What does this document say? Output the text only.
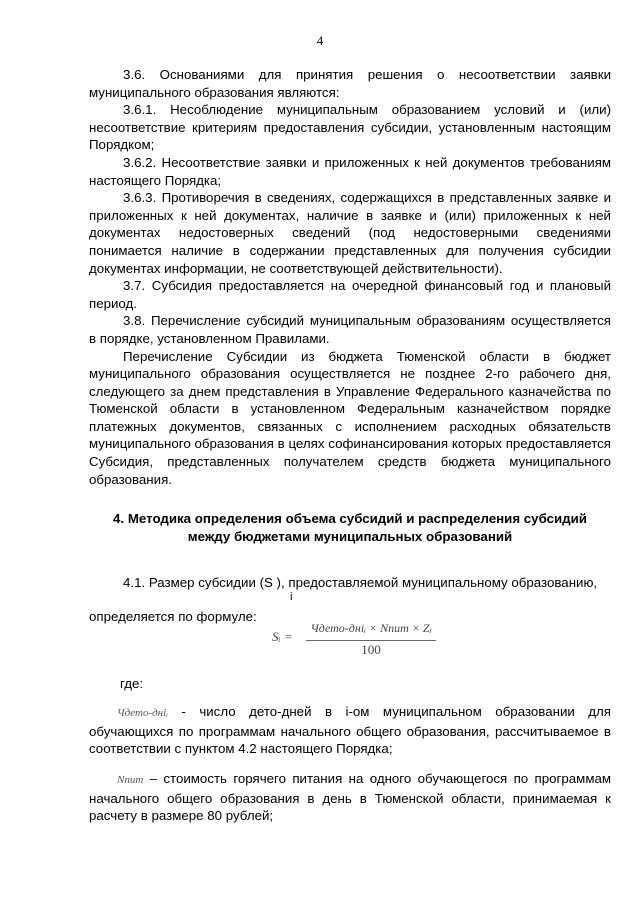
4

3.6. Основаниями для принятия решения о несоответствии заявки муниципального образования являются:

3.6.1. Несоблюдение муниципальным образованием условий и (или) несоответствие критериям предоставления субсидии, установленным настоящим Порядком;

3.6.2. Несоответствие заявки и приложенных к ней документов требованиям настоящего Порядка;

3.6.3. Противоречия в сведениях, содержащихся в представленных заявке и приложенных к ней документах, наличие в заявке и (или) приложенных к ней документах недостоверных сведений (под недостоверными сведениями понимается наличие в содержании представленных для получения субсидии документах информации, не соответствующей действительности).

3.7. Субсидия предоставляется на очередной финансовый год и плановый период.

3.8. Перечисление субсидий муниципальным образованиям осуществляется в порядке, установленном Правилами.

Перечисление Субсидии из бюджета Тюменской области в бюджет муниципального образования осуществляется не позднее 2-го рабочего дня, следующего за днем представления в Управление Федерального казначейства по Тюменской области в установленном Федеральным казначейством порядке платежных документов, связанных с исполнением расходных обязательств муниципального образования в целях софинансирования которых предоставляется Субсидия, представленных получателем средств бюджета муниципального образования.

4. Методика определения объема субсидий и распределения субсидий
между бюджетами муниципальных образований
4.1. Размер субсидии (S ), предоставляемой муниципальному образованию,
i
определяется по формуле:
Sᵢ =
Чдето-днiᵢ × Nпит × Zᵢ
100
где:
Чдето-днiᵢ - число дето-дней в i-ом муниципальном образовании для обучающихся по программам начального общего образования, рассчитываемое в соответствии с пунктом 4.2 настоящего Порядка;
Nпит – стоимость горячего питания на одного обучающегося по программам начального общего образования в день в Тюменской области, принимаемая к расчету в размере 80 рублей;
